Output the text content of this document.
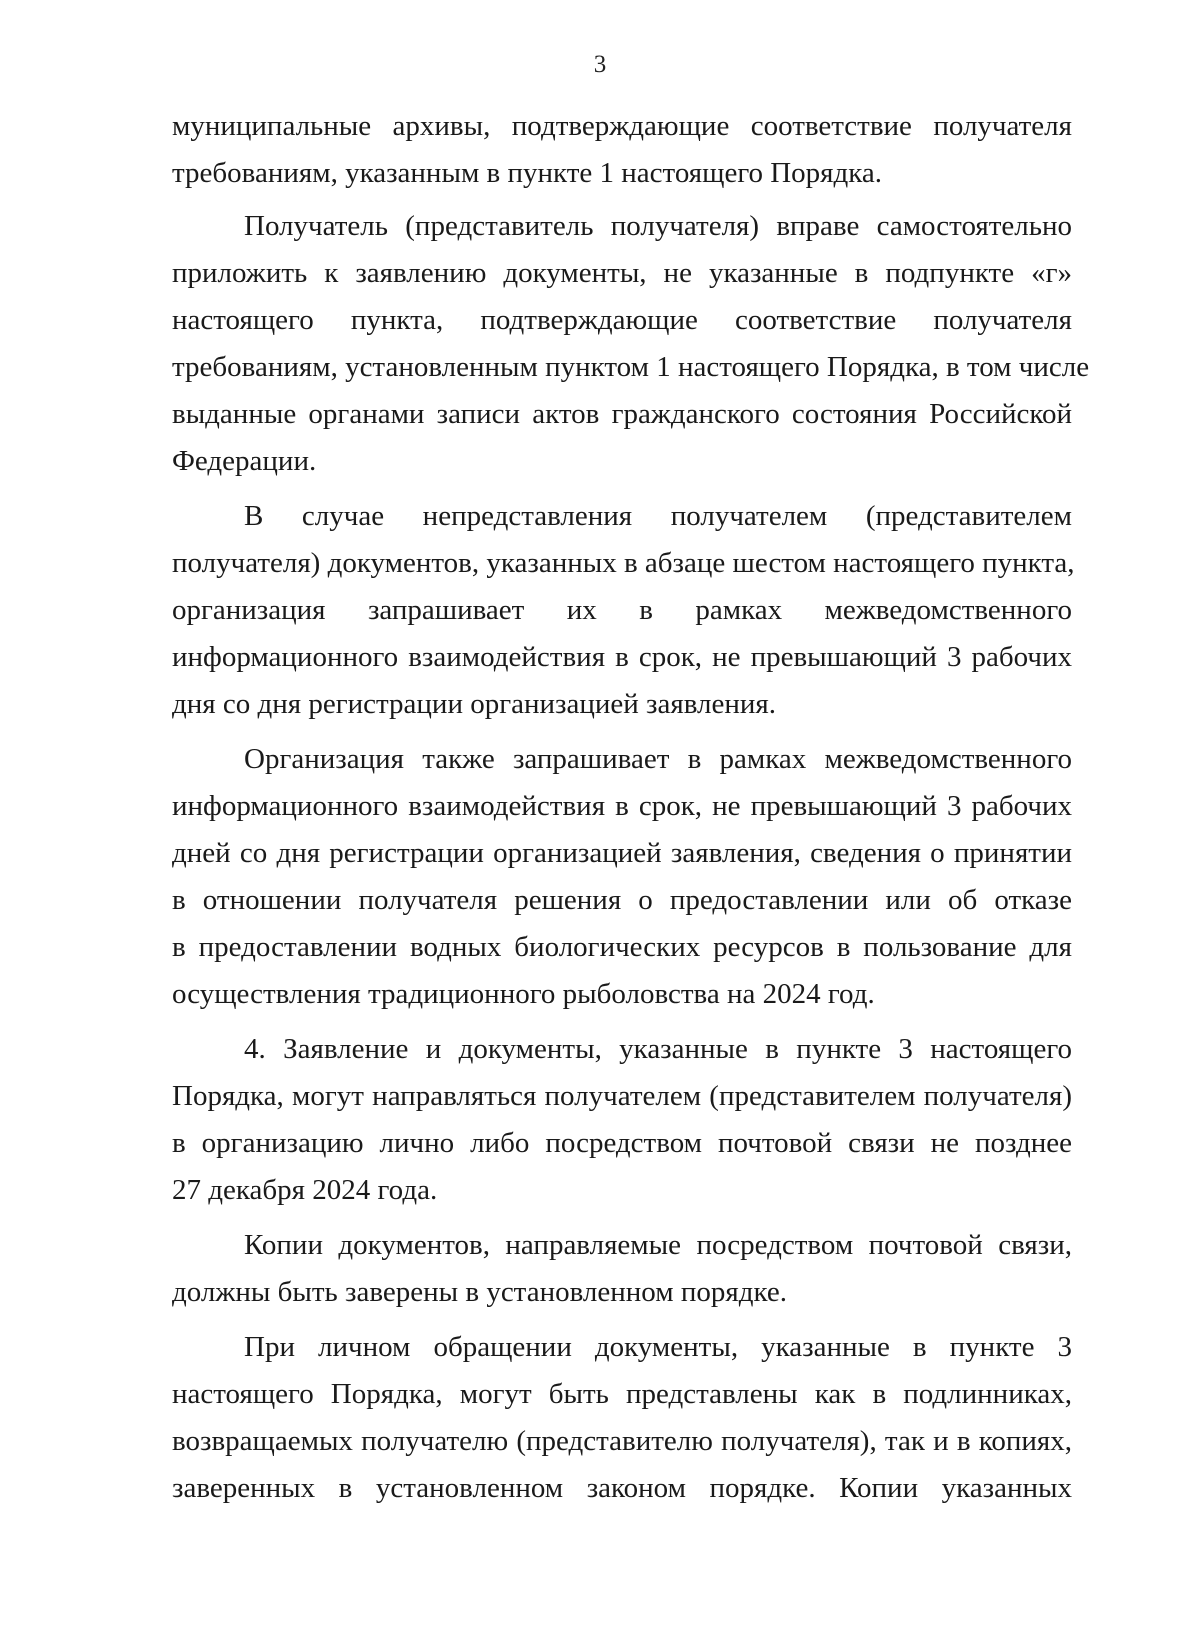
3

муниципальные архивы, подтверждающие соответствие получателя
требованиям, указанным в пункте 1 настоящего Порядка.

Получатель (представитель получателя) вправе самостоятельно
приложить к заявлению документы, не указанные в подпункте «г»
настоящего пункта, подтверждающие соответствие получателя
требованиям, установленным пунктом 1 настоящего Порядка, в том числе
выданные органами записи актов гражданского состояния Российской
Федерации.

В случае непредставления получателем (представителем
получателя) документов, указанных в абзаце шестом настоящего пункта,
организация запрашивает их в рамках межведомственного
информационного взаимодействия в срок, не превышающий 3 рабочих
дня со дня регистрации организацией заявления.

Организация также запрашивает в рамках межведомственного
информационного взаимодействия в срок, не превышающий 3 рабочих
дней со дня регистрации организацией заявления, сведения о принятии
в отношении получателя решения о предоставлении или об отказе
в предоставлении водных биологических ресурсов в пользование для
осуществления традиционного рыболовства на 2024 год.

4. Заявление и документы, указанные в пункте 3 настоящего
Порядка, могут направляться получателем (представителем получателя)
в организацию лично либо посредством почтовой связи не позднее
27 декабря 2024 года.

Копии документов, направляемые посредством почтовой связи,
должны быть заверены в установленном порядке.

При личном обращении документы, указанные в пункте 3
настоящего Порядка, могут быть представлены как в подлинниках,
возвращаемых получателю (представителю получателя), так и в копиях,
заверенных в установленном законом порядке. Копии указанных
